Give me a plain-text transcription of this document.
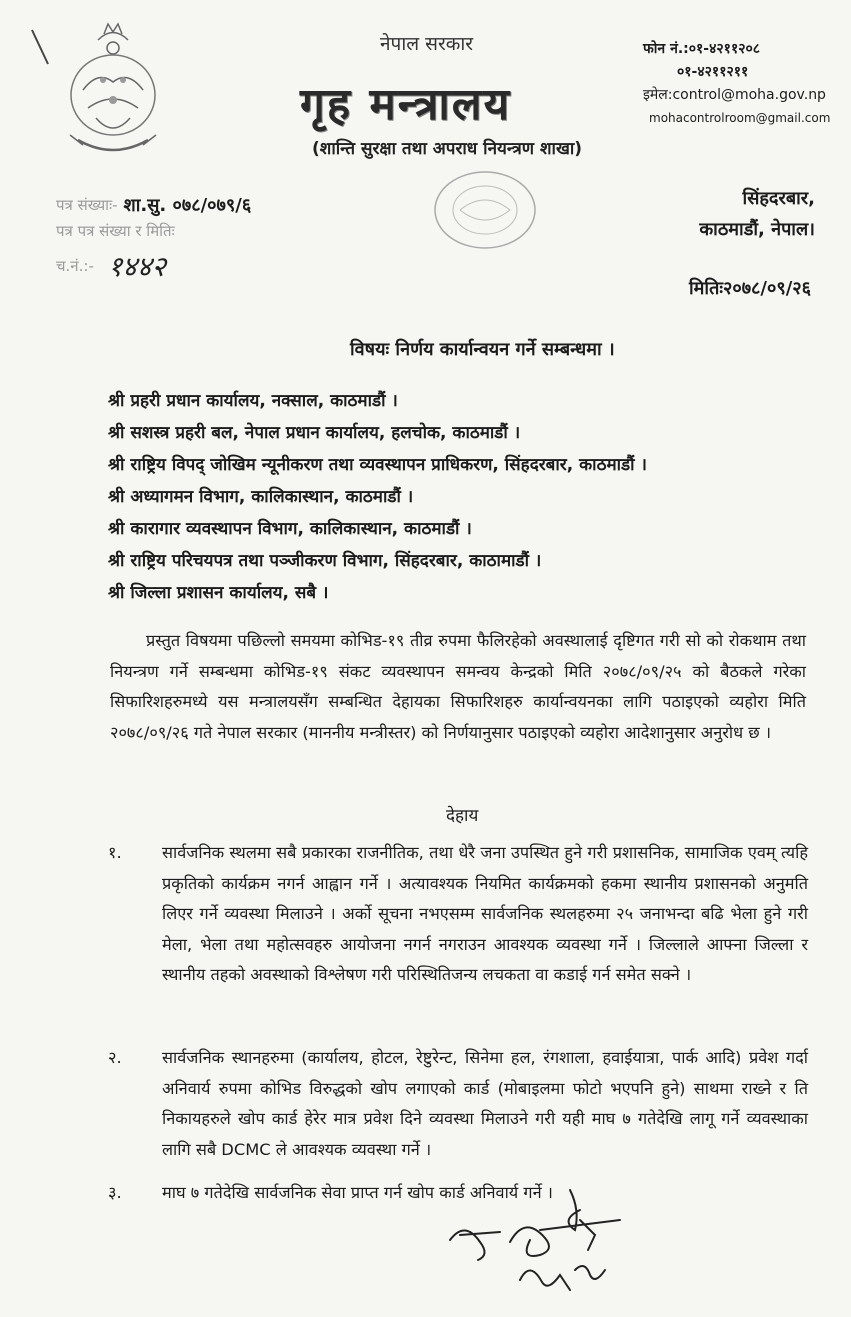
नेपाल सरकार
गृह मन्त्रालय
(शान्ति सुरक्षा तथा अपराध नियन्त्रण शाखा)
फोन नं.:०१-४२११२०८
०१-४२११२११
इमेल:control@moha.gov.np
mohacontrolroom@gmail.com
पत्र संख्याः- शा.सु. ०७८/०७९/६
पत्र पत्र संख्या र मितिः
च.नं.:- १४४२
सिंहदरबार,
काठमाडौं, नेपाल।
मितिः२०७८/०९/२६
विषयः निर्णय कार्यान्वयन गर्ने सम्बन्धमा ।
श्री प्रहरी प्रधान कार्यालय, नक्साल, काठमाडौं ।
श्री सशस्त्र प्रहरी बल, नेपाल प्रधान कार्यालय, हलचोक, काठमाडौं ।
श्री राष्ट्रिय विपद् जोखिम न्यूनीकरण तथा व्यवस्थापन प्राधिकरण, सिंहदरबार, काठमाडौं ।
श्री अध्यागमन विभाग, कालिकास्थान, काठमाडौं ।
श्री कारागार व्यवस्थापन विभाग, कालिकास्थान, काठमाडौं ।
श्री राष्ट्रिय परिचयपत्र तथा पञ्जीकरण विभाग, सिंहदरबार, काठामाडौं ।
श्री जिल्ला प्रशासन कार्यालय, सबै ।
प्रस्तुत विषयमा पछिल्लो समयमा कोभिड-१९ तीव्र रुपमा फैलिरहेको अवस्थालाई दृष्टिगत गरी सो को रोकथाम तथा नियन्त्रण गर्ने सम्बन्धमा कोभिड-१९ संकट व्यवस्थापन समन्वय केन्द्रको मिति २०७८/०९/२५ को बैठकले गरेका सिफारिशहरुमध्ये यस मन्त्रालयसँग सम्बन्धित देहायका सिफारिशहरु कार्यान्वयनका लागि पठाइएको व्यहोरा मिति २०७८/०९/२६ गते नेपाल सरकार (माननीय मन्त्रीस्तर) को निर्णयानुसार पठाइएको व्यहोरा आदेशानुसार अनुरोध छ ।
देहाय
१.	सार्वजनिक स्थलमा सबै प्रकारका राजनीतिक, तथा धेरै जना उपस्थित हुने गरी प्रशासनिक, सामाजिक एवम् त्यहि प्रकृतिको कार्यक्रम नगर्न आह्वान गर्ने । अत्यावश्यक नियमित कार्यक्रमको हकमा स्थानीय प्रशासनको अनुमति लिएर गर्ने व्यवस्था मिलाउने । अर्को सूचना नभएसम्म सार्वजनिक स्थलहरुमा २५ जनाभन्दा बढि भेला हुने गरी मेला, भेला तथा महोत्सवहरु आयोजना नगर्न नगराउन आवश्यक व्यवस्था गर्ने । जिल्लाले आफ्ना जिल्ला र स्थानीय तहको अवस्थाको विश्लेषण गरी परिस्थितिजन्य लचकता वा कडाई गर्न समेत सक्ने ।
२.	सार्वजनिक स्थानहरुमा (कार्यालय, होटल, रेष्टुरेन्ट, सिनेमा हल, रंगशाला, हवाईयात्रा, पार्क आदि) प्रवेश गर्दा अनिवार्य रुपमा कोभिड विरुद्धको खोप लगाएको कार्ड (मोबाइलमा फोटो भएपनि हुने) साथमा राख्ने र ति निकायहरुले खोप कार्ड हेरेर मात्र प्रवेश दिने व्यवस्था मिलाउने गरी यही माघ ७ गतेदेखि लागू गर्ने व्यवस्थाका लागि सबै DCMC ले आवश्यक व्यवस्था गर्ने ।
३.	माघ ७ गतेदेखि सार्वजनिक सेवा प्राप्त गर्न खोप कार्ड अनिवार्य गर्ने ।
